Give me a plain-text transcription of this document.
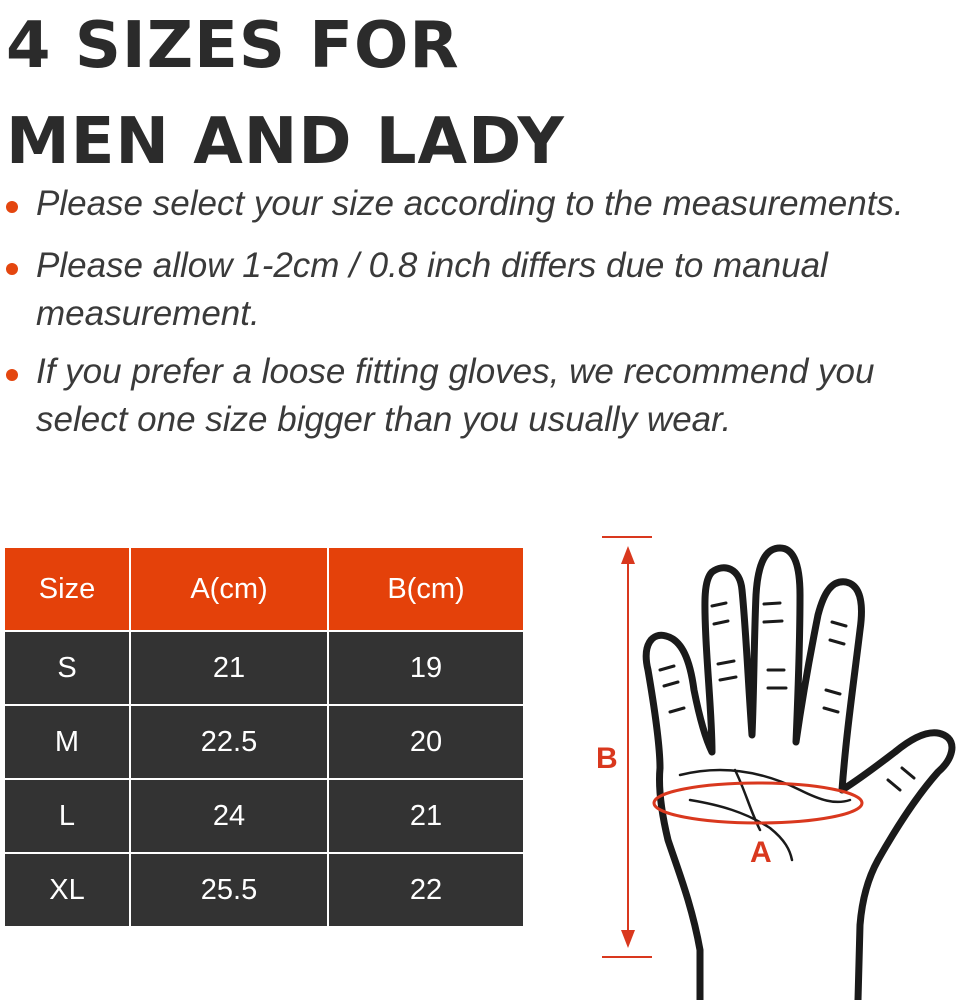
4 SIZES FOR
MEN AND LADY
Please select your size according to the measurements.
Please allow 1-2cm / 0.8 inch differs due to manual
measurement.
If you prefer a loose fitting gloves, we recommend you
select one size bigger than you usually wear.
Size	A(cm)	B(cm)
S	21	19
M	22.5	20
L	24	21
XL	25.5	22
B
A
